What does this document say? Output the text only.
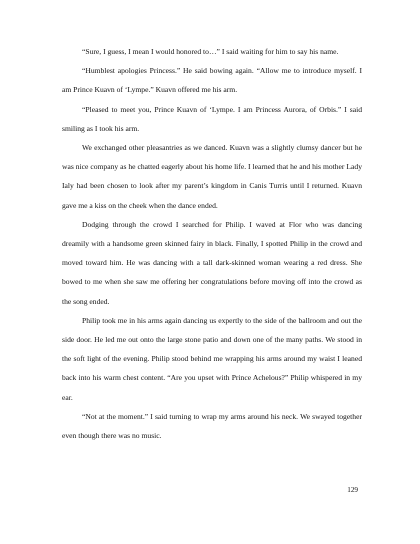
“Sure, I guess, I mean I would honored to…” I said waiting for him to say his name.

“Humblest apologies Princess.” He said bowing again. “Allow me to introduce myself. I am Prince Kuavn of ‘Lympe.” Kuavn offered me his arm.

“Pleased to meet you, Prince Kuavn of ‘Lympe. I am Princess Aurora, of Orbis.” I said smiling as I took his arm.

We exchanged other pleasantries as we danced. Kuavn was a slightly clumsy dancer but he was nice company as he chatted eagerly about his home life. I learned that he and his mother Lady Ialy had been chosen to look after my parent’s kingdom in Canis Turris until I returned. Kuavn gave me a kiss on the cheek when the dance ended.

Dodging through the crowd I searched for Philip. I waved at Flor who was dancing dreamily with a handsome green skinned fairy in black. Finally, I spotted Philip in the crowd and moved toward him. He was dancing with a tall dark-skinned woman wearing a red dress. She bowed to me when she saw me offering her congratulations before moving off into the crowd as the song ended.

Philip took me in his arms again dancing us expertly to the side of the ballroom and out the side door. He led me out onto the large stone patio and down one of the many paths. We stood in the soft light of the evening. Philip stood behind me wrapping his arms around my waist I leaned back into his warm chest content. “Are you upset with Prince Achelous?” Philip whispered in my ear.

“Not at the moment.” I said turning to wrap my arms around his neck. We swayed together even though there was no music.

129
